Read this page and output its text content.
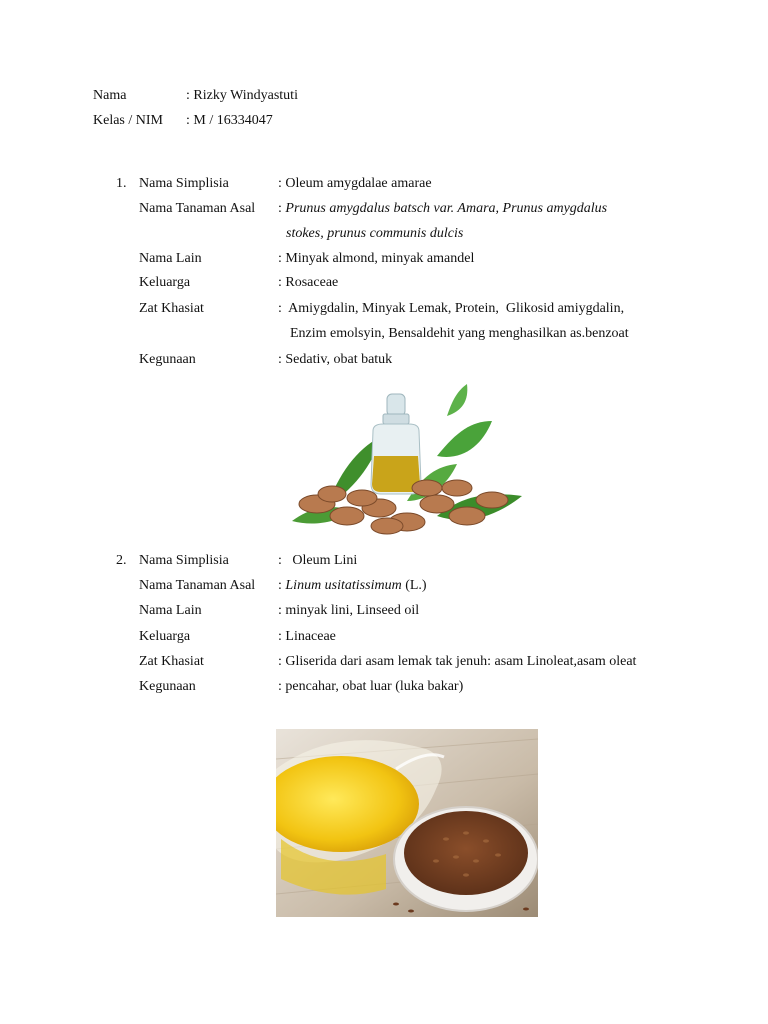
Nama	: Rizky Windyastuti
Kelas / NIM : M / 16334047
1. Nama Simplisia	: Oleum amygdalae amarae
Nama Tanaman Asal : Prunus amygdalus batsch var. Amara, Prunus amygdalus
stokes, prunus communis dulcis
Nama Lain	: Minyak almond, minyak amandel
Keluarga	: Rosaceae
Zat Khasiat	:  Amiygdalin, Minyak Lemak, Protein,  Glikosid amiygdalin,
Enzim emolsyin, Bensaldehit yang menghasilkan as.benzoat
Kegunaan	: Sedativ, obat batuk
2. Nama Simplisia	:   Oleum Lini
Nama Tanaman Asal : Linum usitatissimum (L.)
Nama Lain	: minyak lini, Linseed oil
Keluarga	: Linaceae
Zat Khasiat	: Gliserida dari asam lemak tak jenuh: asam Linoleat,asam oleat
Kegunaan	: pencahar, obat luar (luka bakar)
